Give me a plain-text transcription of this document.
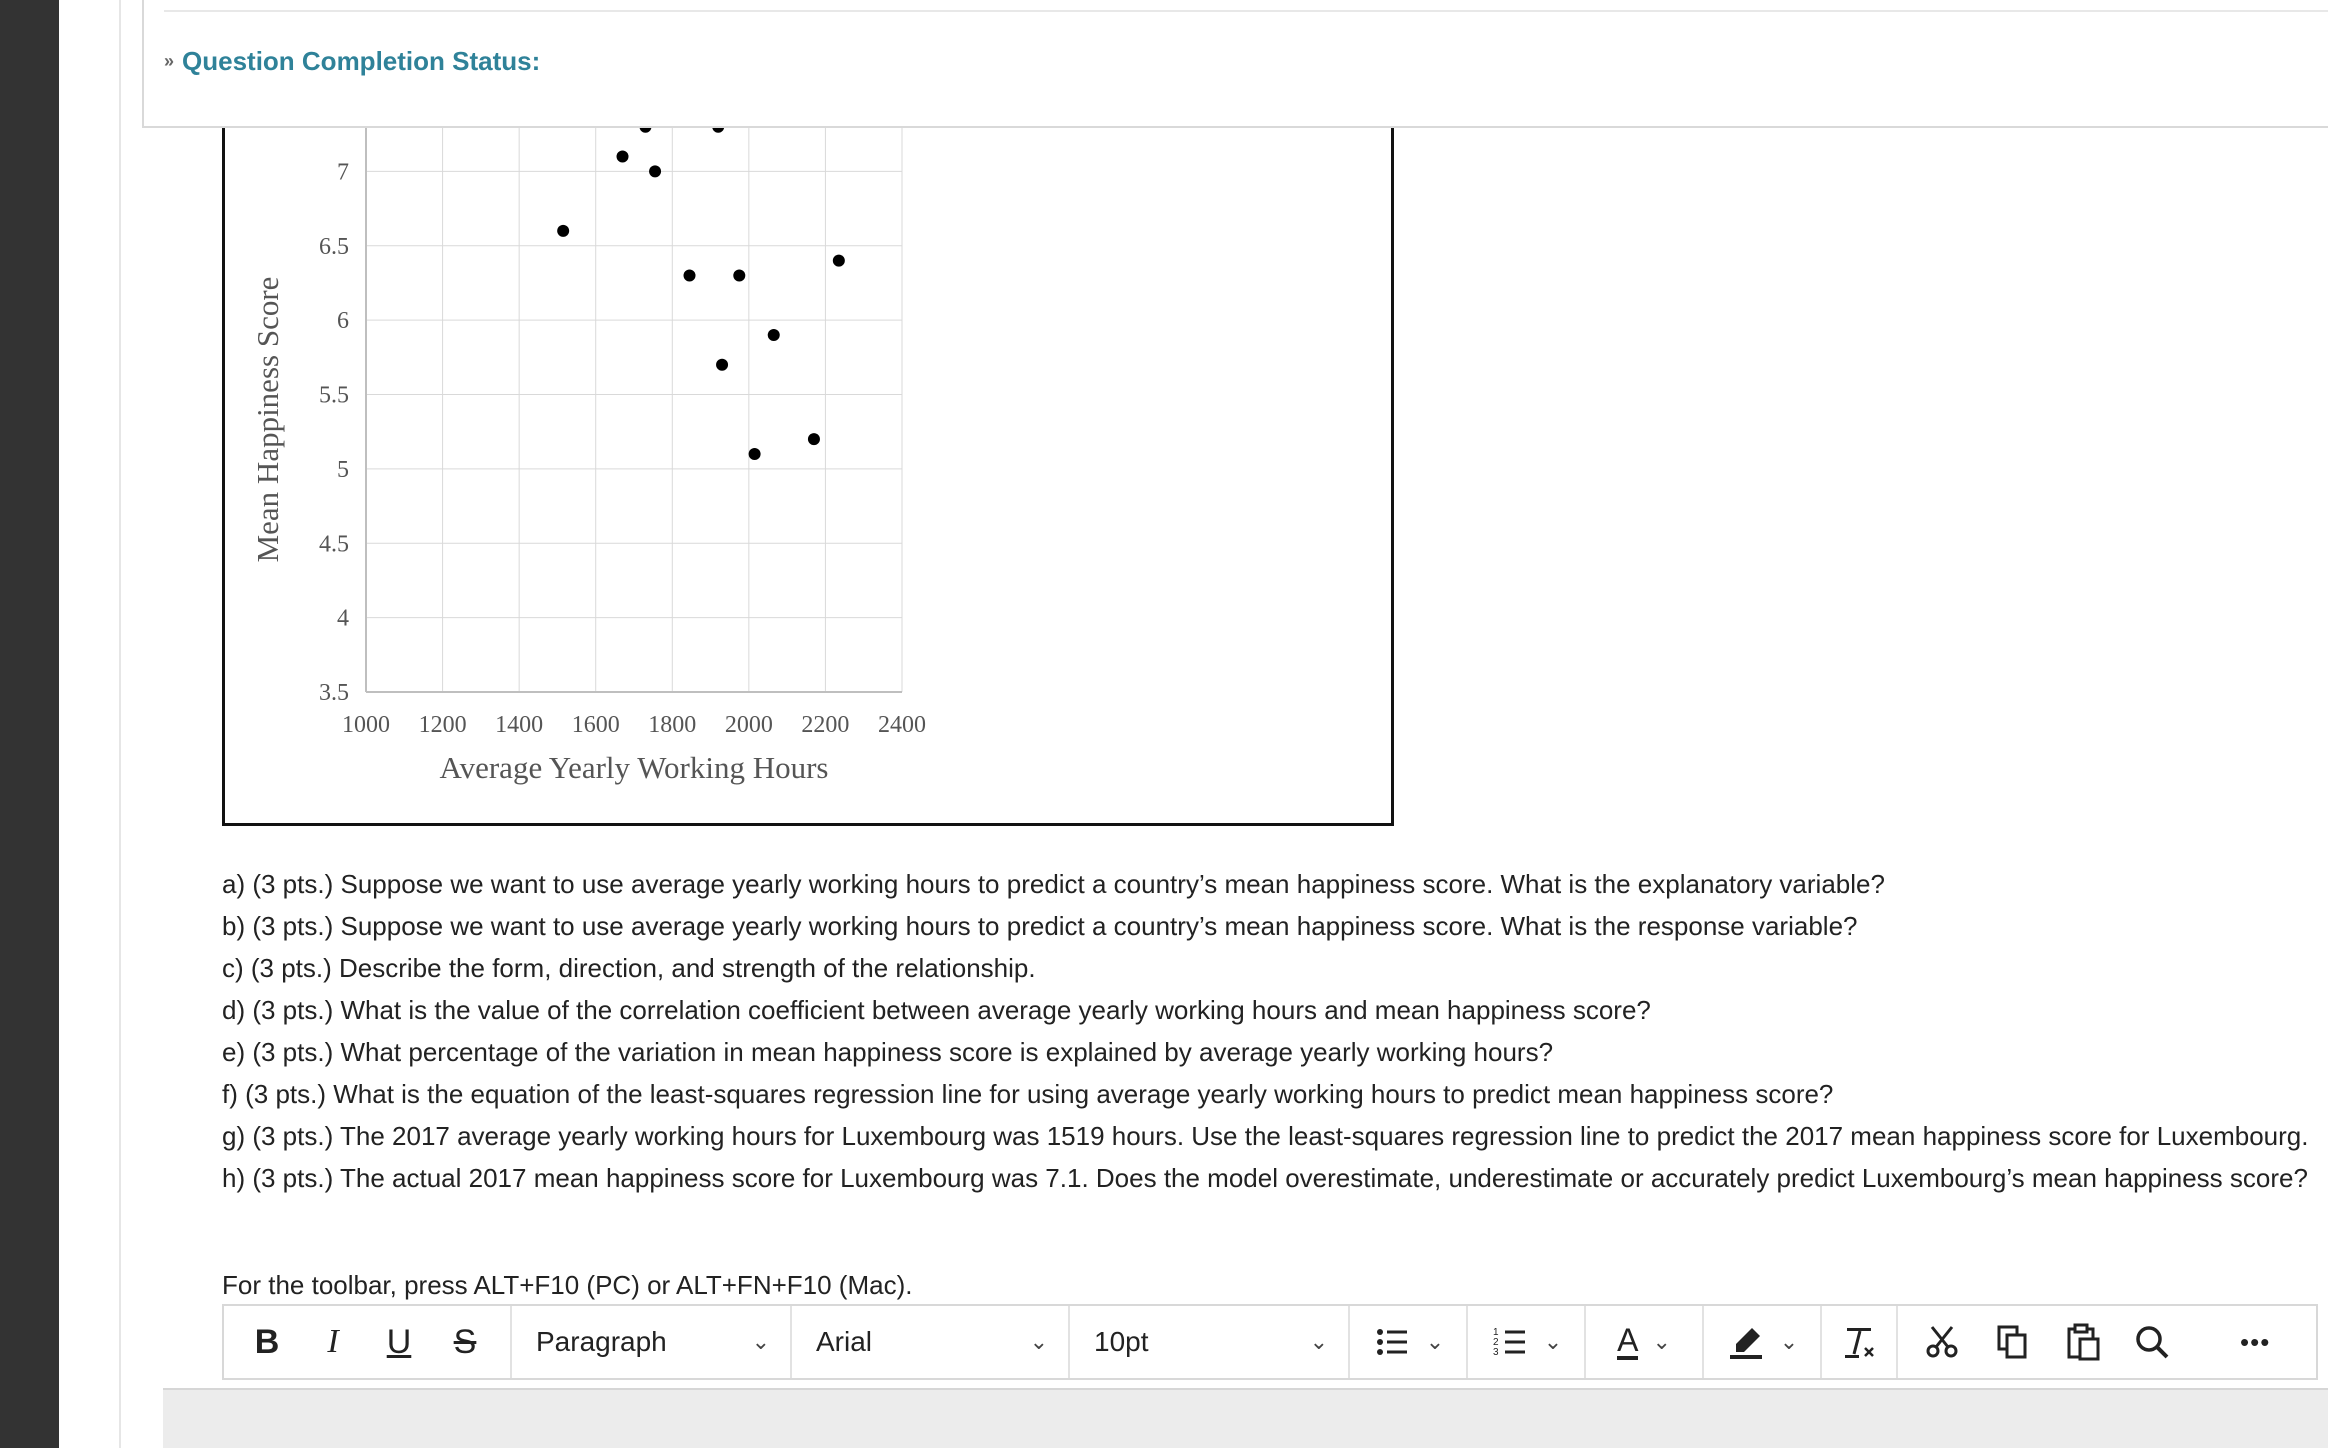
3.5
4
4.5
5
5.5
6
6.5
7
1000 1200 1400 1600 1800 2000 2200 2400
Average Yearly Working Hours
Mean Happiness Score
» Question Completion Status:

a) (3 pts.) Suppose we want to use average yearly working hours to predict a country’s mean happiness score. What is the explanatory variable?

b) (3 pts.) Suppose we want to use average yearly working hours to predict a country’s mean happiness score. What is the response variable?

c) (3 pts.) Describe the form, direction, and strength of the relationship.

d) (3 pts.) What is the value of the correlation coefficient between average yearly working hours and mean happiness score?

e) (3 pts.) What percentage of the variation in mean happiness score is explained by average yearly working hours?

f) (3 pts.) What is the equation of the least-squares regression line for using average yearly working hours to predict mean happiness score?

g) (3 pts.) The 2017 average yearly working hours for Luxembourg was 1519 hours. Use the least-squares regression line to predict the 2017 mean happiness score for Luxembourg.

h) (3 pts.) The actual 2017 mean happiness score for Luxembourg was 7.1. Does the model overestimate, underestimate or accurately predict Luxembourg’s mean happiness score?

For the toolbar, press ALT+F10 (PC) or ALT+FN+F10 (Mac).
B	I	U	S	Paragraph	⌄ Arial	⌄ 10pt	⌄	⌄	1
2
3 ⌄ A ⌄	⌄	•••
